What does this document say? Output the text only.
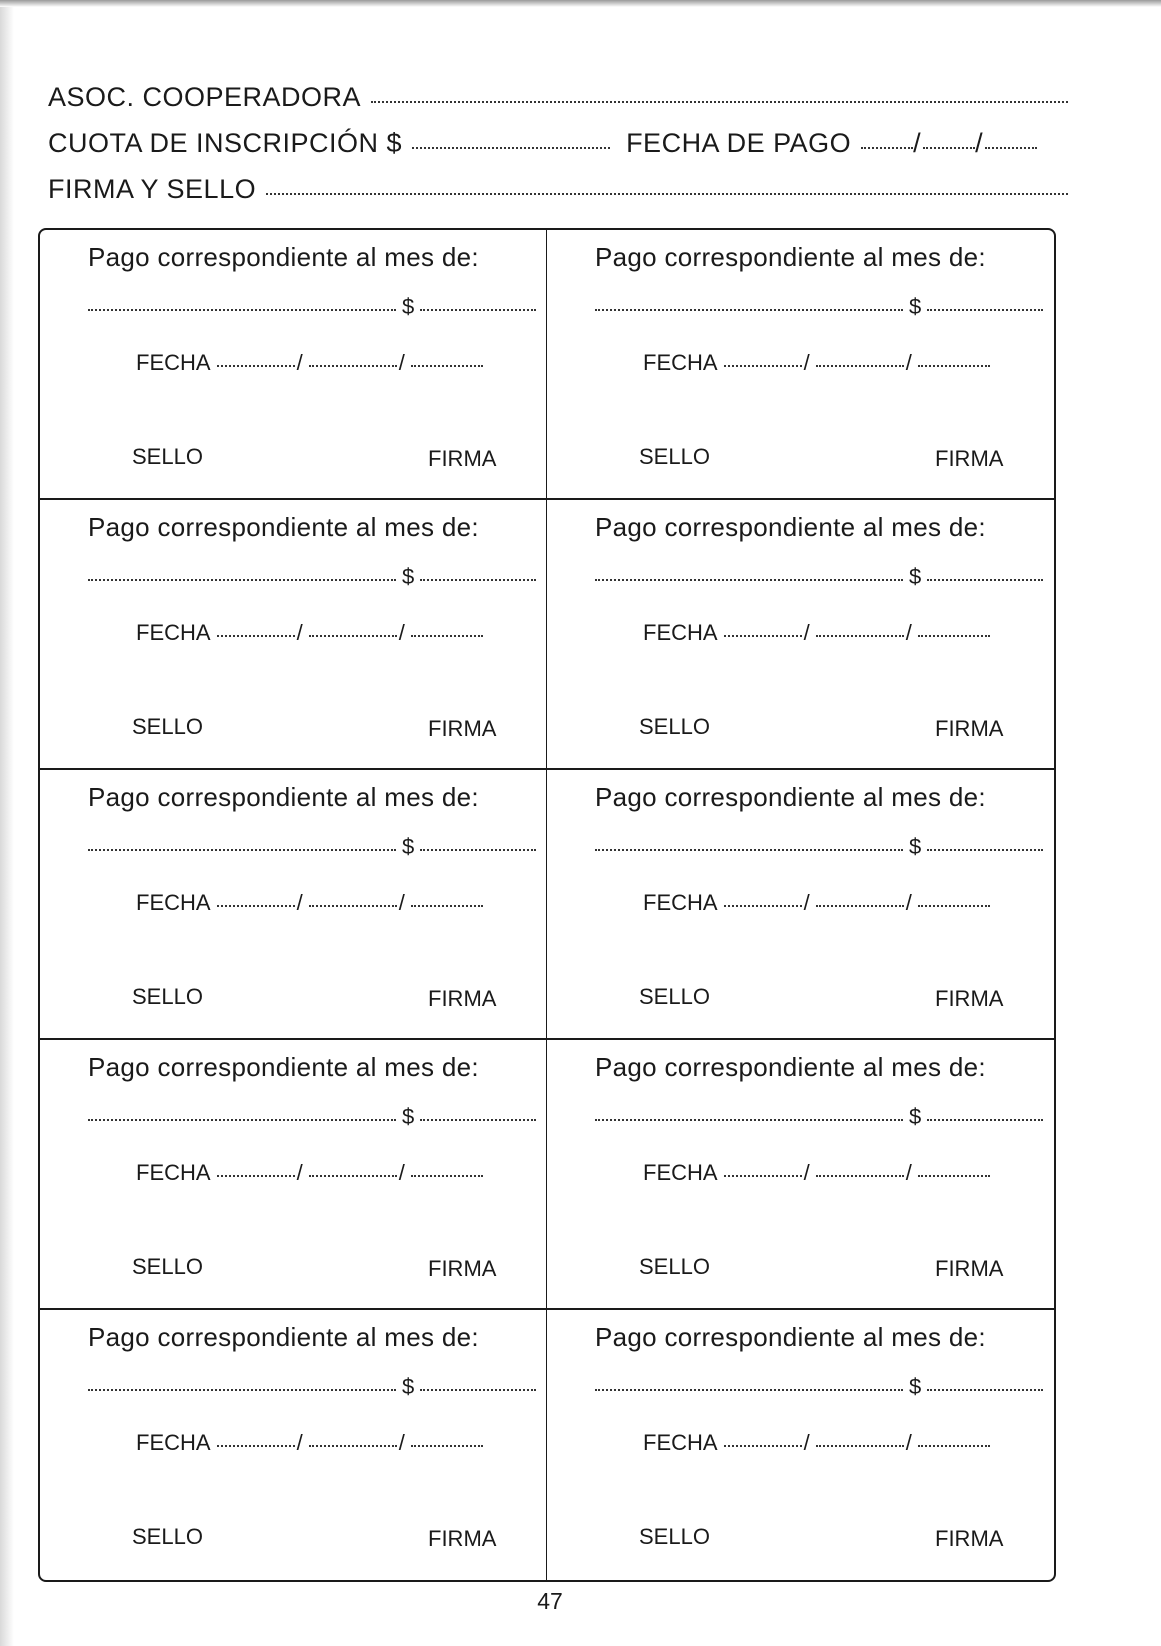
ASOC. COOPERADORA
CUOTA DE INSCRIPCIÓN $	FECHA DE PAGO / /
FIRMA Y SELLO
Pago correspondiente al mes de:
$
FECHA	/	/
SELLO	FIRMA
Pago correspondiente al mes de:
$
FECHA	/	/
SELLO	FIRMA
Pago correspondiente al mes de:
$
FECHA	/	/
SELLO	FIRMA
Pago correspondiente al mes de:
$
FECHA	/	/
SELLO	FIRMA
Pago correspondiente al mes de:
$
FECHA	/	/
SELLO	FIRMA
Pago correspondiente al mes de:
$
FECHA	/	/
SELLO	FIRMA
Pago correspondiente al mes de:
$
FECHA	/	/
SELLO	FIRMA
Pago correspondiente al mes de:
$
FECHA	/	/
SELLO	FIRMA
Pago correspondiente al mes de:
$
FECHA	/	/
SELLO	FIRMA
Pago correspondiente al mes de:
$
FECHA	/	/
SELLO	FIRMA
47
